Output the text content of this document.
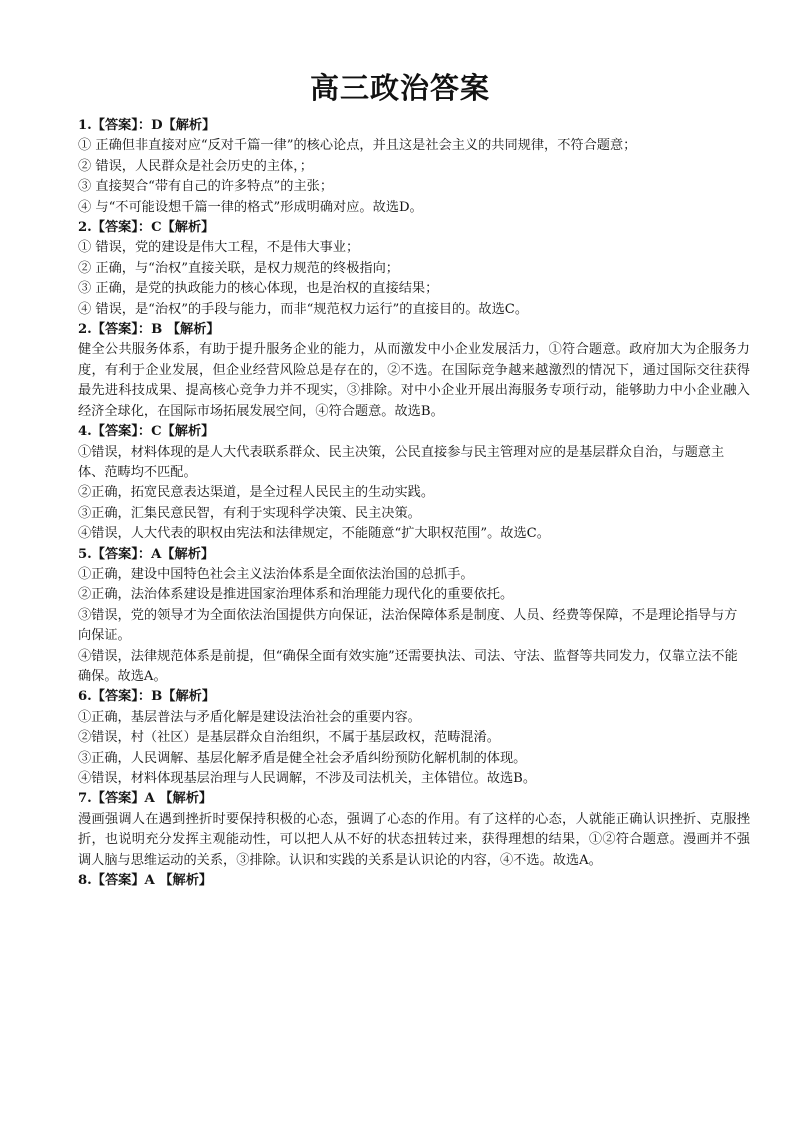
高三政治答案
1.【答案】：D【解析】
① 正确但非直接对应“反对千篇一律”的核心论点，并且这是社会主义的共同规律，不符合题意；
② 错误，人民群众是社会历史的主体，；
③ 直接契合“带有自己的许多特点”的主张；
④ 与“不可能设想千篇一律的格式”形成明确对应。故选D。
2.【答案】：C【解析】
① 错误，党的建设是伟大工程，不是伟大事业；
② 正确，与“治权”直接关联，是权力规范的终极指向；
③ 正确，是党的执政能力的核心体现，也是治权的直接结果；
④ 错误，是“治权”的手段与能力，而非“规范权力运行”的直接目的。故选C。
2.【答案】：B 【解析】
健全公共服务体系，有助于提升服务企业的能力，从而激发中小企业发展活力，①符合题意。政府加大为企服务力度，有利于企业发展，但企业经营风险总是存在的，②不选。在国际竞争越来越激烈的情况下，通过国际交往获得最先进科技成果、提高核心竞争力并不现实，③排除。对中小企业开展出海服务专项行动，能够助力中小企业融入经济全球化，在国际市场拓展发展空间，④符合题意。故选B。
4.【答案】：C【解析】
①错误，材料体现的是人大代表联系群众、民主决策，公民直接参与民主管理对应的是基层群众自治，与题意主体、范畴均不匹配。
②正确，拓宽民意表达渠道，是全过程人民民主的生动实践。
③正确，汇集民意民智，有利于实现科学决策、民主决策。
④错误，人大代表的职权由宪法和法律规定，不能随意“扩大职权范围”。故选C。
5.【答案】：A【解析】
①正确，建设中国特色社会主义法治体系是全面依法治国的总抓手。
②正确，法治体系建设是推进国家治理体系和治理能力现代化的重要依托。
③错误，党的领导才为全面依法治国提供方向保证，法治保障体系是制度、人员、经费等保障，不是理论指导与方向保证。
④错误，法律规范体系是前提，但“确保全面有效实施”还需要执法、司法、守法、监督等共同发力，仅靠立法不能确保。故选A。
6.【答案】：B【解析】
①正确，基层普法与矛盾化解是建设法治社会的重要内容。
②错误，村（社区）是基层群众自治组织，不属于基层政权，范畴混淆。
③正确，人民调解、基层化解矛盾是健全社会矛盾纠纷预防化解机制的体现。
④错误，材料体现基层治理与人民调解，不涉及司法机关，主体错位。故选B。
7.【答案】A 【解析】
漫画强调人在遇到挫折时要保持积极的心态，强调了心态的作用。有了这样的心态，人就能正确认识挫折、克服挫折，也说明充分发挥主观能动性，可以把人从不好的状态扭转过来，获得理想的结果，①②符合题意。漫画并不强调人脑与思维运动的关系，③排除。认识和实践的关系是认识论的内容，④不选。故选A。
8.【答案】A 【解析】
